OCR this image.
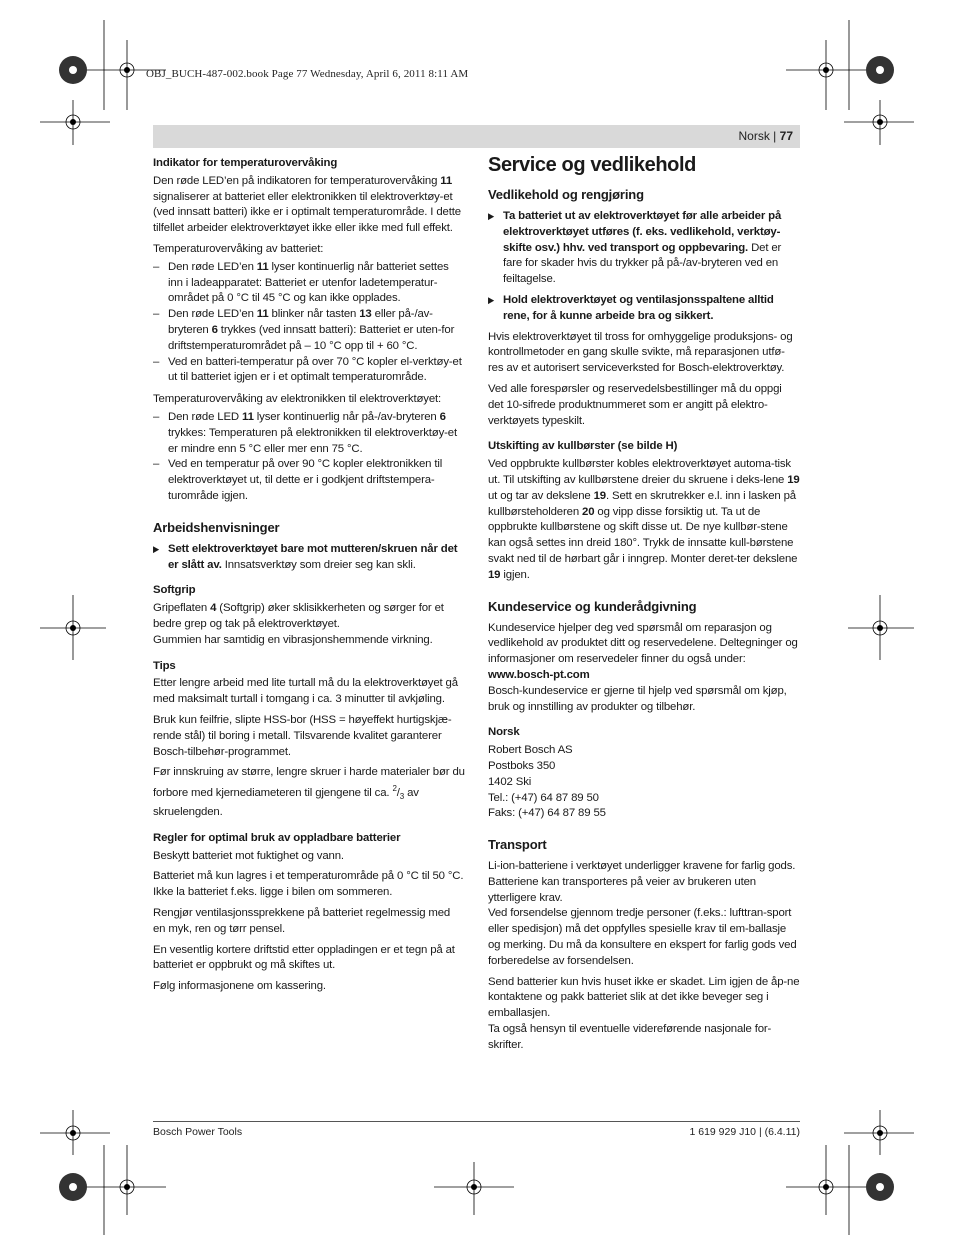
OBJ_BUCH-487-002.book Page 77 Wednesday, April 6, 2011 8:11 AM
Norsk | 77
Indikator for temperaturovervåking

Den røde LED’en på indikatoren for temperaturovervåking 11 signaliserer at batteriet eller elektronikken til elektroverktøy-et (ved innsatt batteri) ikke er i optimalt temperaturområde. I dette tilfellet arbeider elektroverktøyet ikke eller ikke med full effekt.

Temperaturovervåking av batteriet:

– Den røde LED’en 11 lyser kontinuerlig når batteriet settes inn i ladeapparatet: Batteriet er utenfor ladetemperatur-området på 0 °C til 45 °C og kan ikke opplades.
– Den røde LED’en 11 blinker når tasten 13 eller på-/av-bryteren 6 trykkes (ved innsatt batteri): Batteriet er uten-for driftstemperaturområdet på – 10 °C opp til + 60 °C.
– Ved en batteri-temperatur på over 70 °C kopler el-verktøy-et ut til batteriet igjen er i et optimalt temperaturområde.

Temperaturovervåking av elektronikken til elektroverktøyet:

– Den røde LED 11 lyser kontinuerlig når på-/av-bryteren 6 trykkes: Temperaturen på elektronikken til elektroverktøy-et er mindre enn 5 °C eller mer enn 75 °C.
– Ved en temperatur på over 90 °C kopler elektronikken til elektroverktøyet ut, til dette er i godkjent driftstempera-turområde igjen.
Arbeidshenvisninger
▶ Sett elektroverktøyet bare mot mutteren/skruen når det er slått av. Innsatsverktøy som dreier seg kan skli.
Softgrip

Gripeflaten 4 (Softgrip) øker sklisikkerheten og sørger for et bedre grep og tak på elektroverktøyet.

Gummien har samtidig en vibrasjonshemmende virkning.

Tips

Etter lengre arbeid med lite turtall må du la elektroverktøyet gå med maksimalt turtall i tomgang i ca. 3 minutter til avkjøling.

Bruk kun feilfrie, slipte HSS-bor (HSS = høyeffekt hurtigskjæ-rende stål) til boring i metall. Tilsvarende kvalitet garanterer Bosch-tilbehør-programmet.

Før innskruing av større, lengre skruer i harde materialer bør du forbore med kjernediameteren til gjengene til ca. $^2/_3$ av skruelengden.

Regler for optimal bruk av oppladbare batterier

Beskytt batteriet mot fuktighet og vann.

Batteriet må kun lagres i et temperaturområde på 0 °C til 50 °C. Ikke la batteriet f.eks. ligge i bilen om sommeren.

Rengjør ventilasjonssprekkene på batteriet regelmessig med en myk, ren og tørr pensel.

En vesentlig kortere driftstid etter oppladingen er et tegn på at batteriet er oppbrukt og må skiftes ut.

Følg informasjonene om kassering.

Service og vedlikehold
Vedlikehold og rengjøring
▶ Ta batteriet ut av elektroverktøyet før alle arbeider på elektroverktøyet utføres (f. eks. vedlikehold, verktøy-skifte osv.) hhv. ved transport og oppbevaring. Det er fare for skader hvis du trykker på på-/av-bryteren ved en feiltagelse.
▶ Hold elektroverktøyet og ventilasjonsspaltene alltid rene, for å kunne arbeide bra og sikkert.

Hvis elektroverktøyet til tross for omhyggelige produksjons- og kontrollmetoder en gang skulle svikte, må reparasjonen utfø-res av et autorisert serviceverksted for Bosch-elektroverktøy.

Ved alle forespørsler og reservedelsbestillinger må du oppgi det 10-sifrede produktnummeret som er angitt på elektro-verktøyets typeskilt.

Utskifting av kullbørster (se bilde H)

Ved oppbrukte kullbørster kobles elektroverktøyet automa-tisk ut. Til utskifting av kullbørstene dreier du skruene i deks-lene 19 ut og tar av dekslene 19. Sett en skrutrekker e.l. inn i lasken på kullbørsteholderen 20 og vipp disse forsiktig ut. Ta ut de oppbrukte kullbørstene og skift disse ut. De nye kullbør-stene kan også settes inn dreid 180°. Trykk de innsatte kull-børstene svakt ned til de hørbart går i inngrep. Monter deret-ter dekslene 19 igjen.

Kundeservice og kunderådgivning

Kundeservice hjelper deg ved spørsmål om reparasjon og vedlikehold av produktet ditt og reservedelene. Deltegninger og informasjoner om reservedeler finner du også under:

www.bosch-pt.com

Bosch-kundeservice er gjerne til hjelp ved spørsmål om kjøp, bruk og innstilling av produkter og tilbehør.

Norsk
Robert Bosch AS
Postboks 350
1402 Ski
Tel.: (+47) 64 87 89 50
Faks: (+47) 64 87 89 55
Transport

Li-ion-batteriene i verktøyet underligger kravene for farlig gods. Batteriene kan transporteres på veier av brukeren uten ytterligere krav.

Ved forsendelse gjennom tredje personer (f.eks.: lufttran-sport eller spedisjon) må det oppfylles spesielle krav til em-ballasje og merking. Du må da konsultere en ekspert for farlig gods ved forberedelse av forsendelsen.

Send batterier kun hvis huset ikke er skadet. Lim igjen de åp-ne kontaktene og pakk batteriet slik at det ikke beveger seg i emballasjen.

Ta også hensyn til eventuelle videreførende nasjonale for-skrifter.

Bosch Power Tools	1 619 929 J10 | (6.4.11)
